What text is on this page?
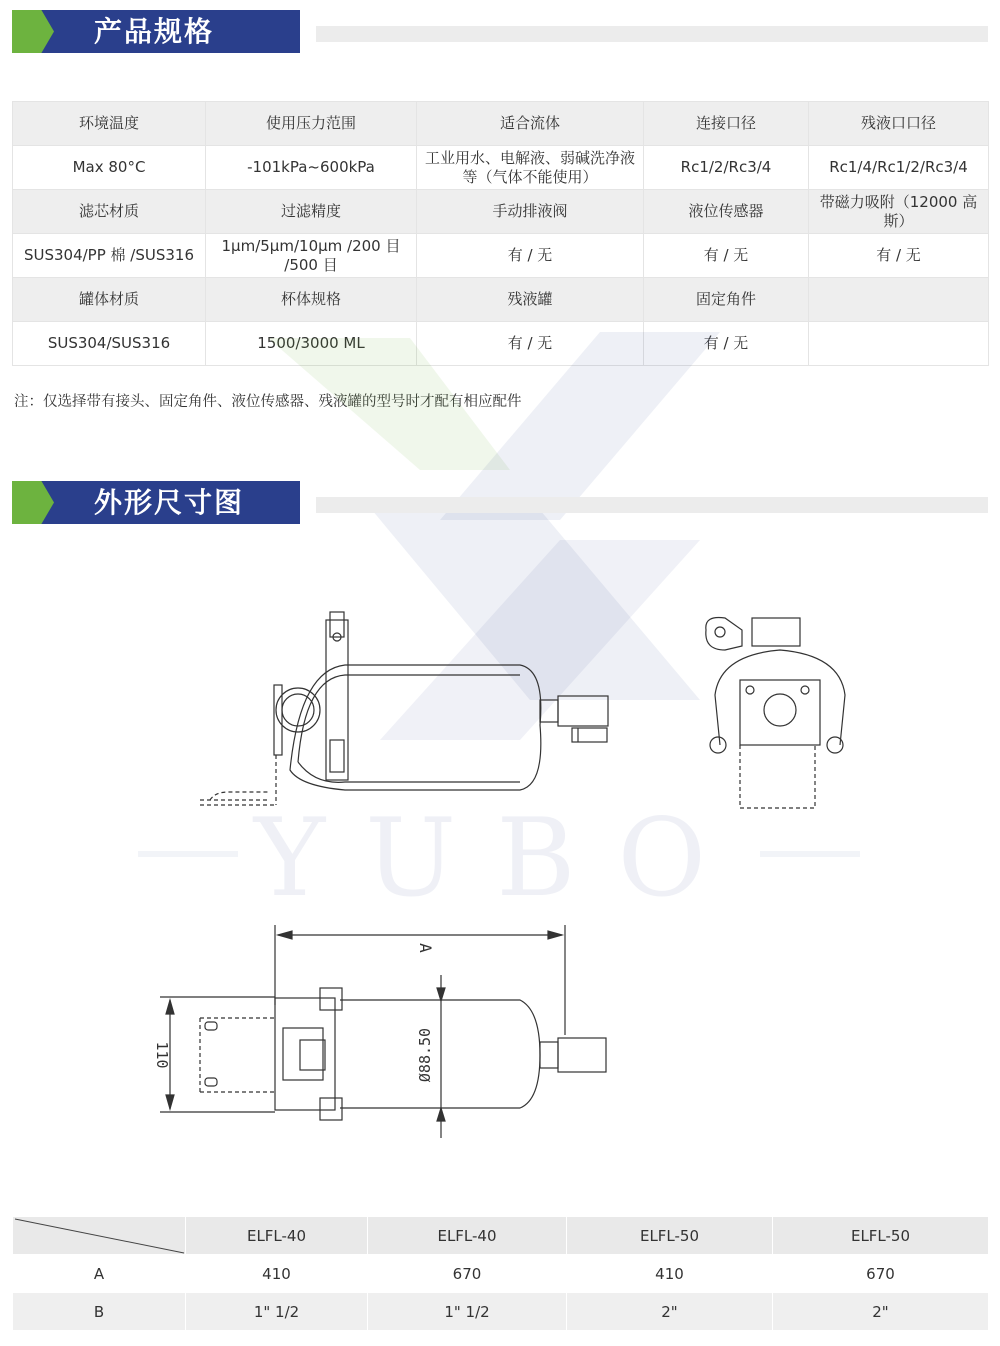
产品规格
环境温度	使用压力范围	适合流体	连接口径	残液口口径
Max 80°C	-101kPa~600kPa	工业用水、电解液、弱碱洗净液等（气体不能使用）	Rc1/2/Rc3/4	Rc1/4/Rc1/2/Rc3/4
滤芯材质	过滤精度	手动排液阀	液位传感器	带磁力吸附（12000 高斯）
SUS304/PP 棉 /SUS316	1µm/5µm/10µm /200 目 /500 目	有 / 无	有 / 无	有 / 无
罐体材质	杯体规格	残液罐	固定角件	
SUS304/SUS316	1500/3000 ML	有 / 无	有 / 无	
注：仅选择带有接头、固定角件、液位传感器、残液罐的型号时才配有相应配件
YUBO
外形尺寸图
A
110	Ø88.50
	ELFL-40	ELFL-40	ELFL-50	ELFL-50
A	410	670	410	670
B	1" 1/2	1" 1/2	2"	2"
